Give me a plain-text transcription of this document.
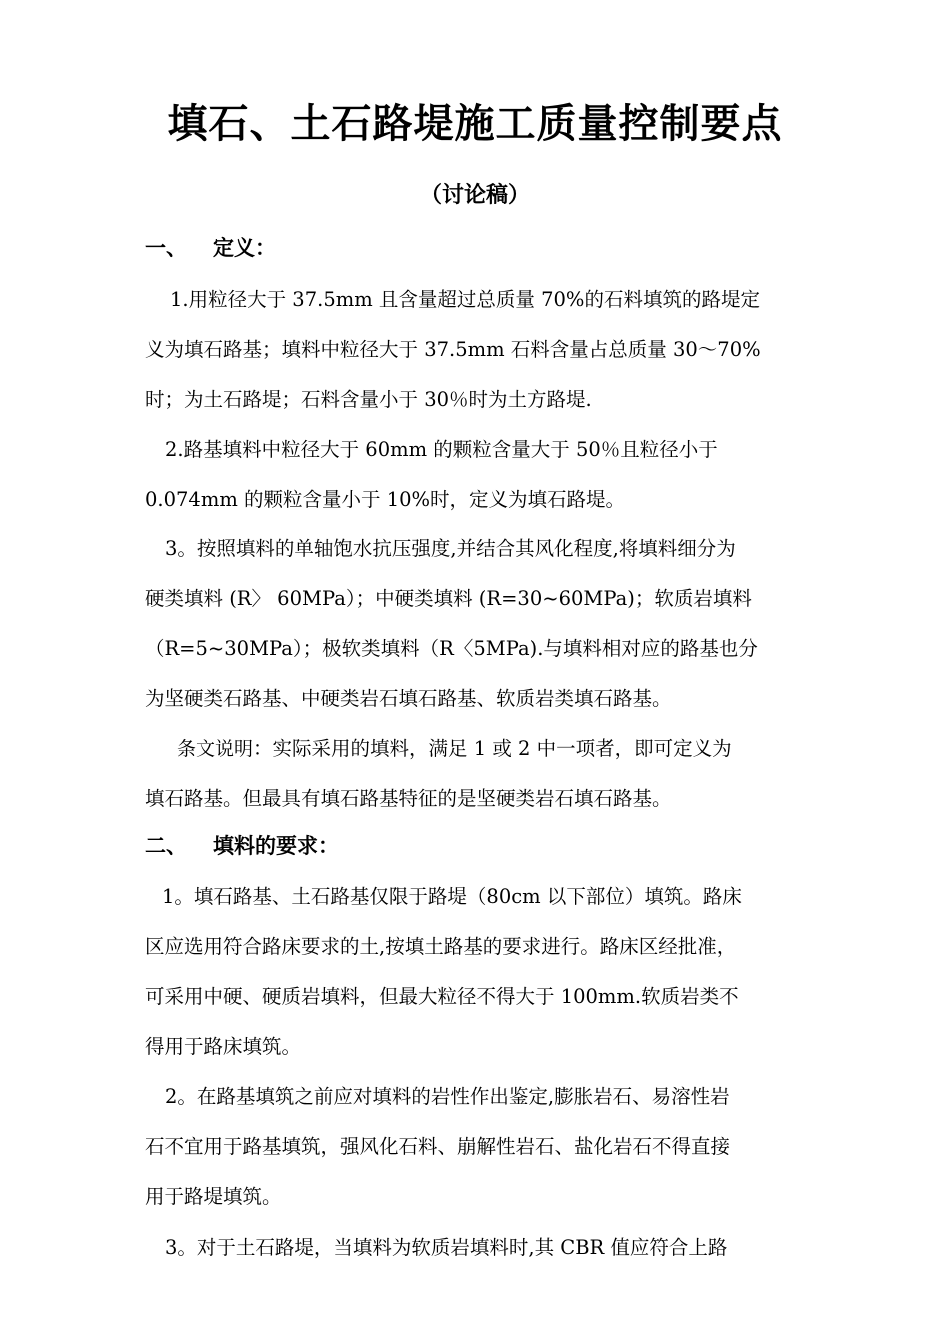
填石、土石路堤施工质量控制要点
（讨论稿）
一、 定义：
1.用粒径大于 37.5mm 且含量超过总质量 70%的石料填筑的路堤定
义为填石路基；填料中粒径大于 37.5mm 石料含量占总质量 30～70%
时；为土石路堤；石料含量小于 30％时为土方路堤.
2.路基填料中粒径大于 60mm 的颗粒含量大于 50％且粒径小于
0.074mm 的颗粒含量小于 10%时，定义为填石路堤。
3。按照填料的单轴饱水抗压强度,并结合其风化程度,将填料细分为
硬类填料 (R〉 60MPa）；中硬类填料 (R=30~60MPa)；软质岩填料
（R=5~30MPa）；极软类填料（R〈5MPa).与填料相对应的路基也分
为坚硬类石路基、中硬类岩石填石路基、软质岩类填石路基。
条文说明：实际采用的填料，满足 1 或 2 中一项者，即可定义为
填石路基。但最具有填石路基特征的是坚硬类岩石填石路基。
二、 填料的要求：
1。填石路基、土石路基仅限于路堤（80cm 以下部位）填筑。路床
区应选用符合路床要求的土,按填土路基的要求进行。路床区经批准，
可采用中硬、硬质岩填料，但最大粒径不得大于 100mm.软质岩类不
得用于路床填筑。
2。在路基填筑之前应对填料的岩性作出鉴定,膨胀岩石、易溶性岩
石不宜用于路基填筑，强风化石料、崩解性岩石、盐化岩石不得直接
用于路堤填筑。
3。对于土石路堤，当填料为软质岩填料时,其 CBR 值应符合上路
